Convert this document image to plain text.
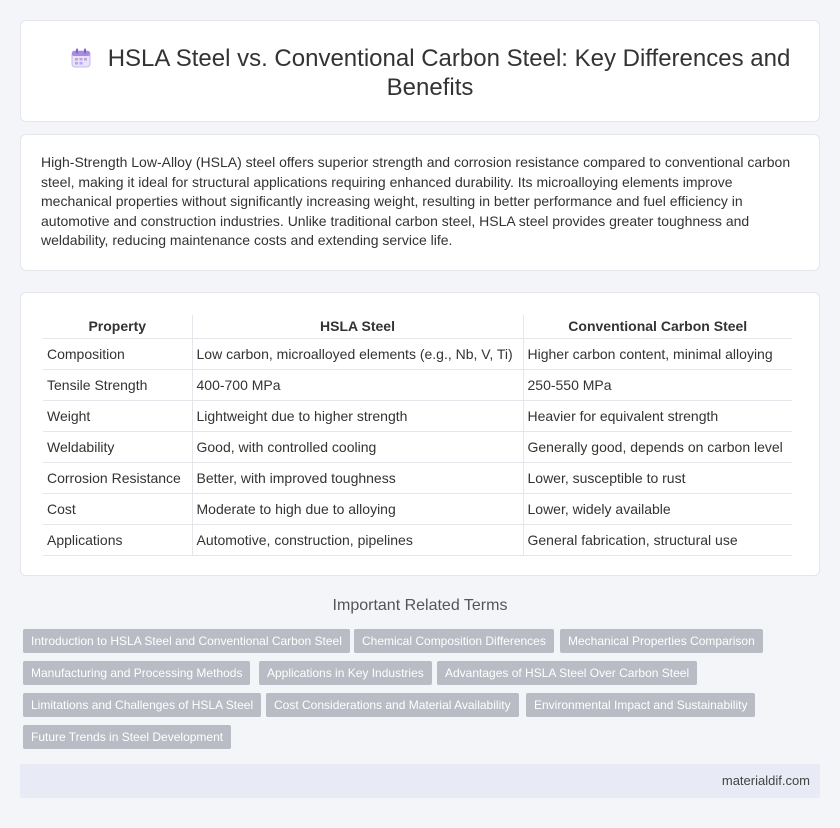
HSLA Steel vs. Conventional Carbon Steel: Key Differences and Benefits

High-Strength Low-Alloy (HSLA) steel offers superior strength and corrosion resistance compared to conventional carbon steel, making it ideal for structural applications requiring enhanced durability. Its microalloying elements improve mechanical properties without significantly increasing weight, resulting in better performance and fuel efficiency in automotive and construction industries. Unlike traditional carbon steel, HSLA steel provides greater toughness and weldability, reducing maintenance costs and extending service life.

Property	HSLA Steel	Conventional Carbon Steel
Composition	Low carbon, microalloyed elements (e.g., Nb, V, Ti)	Higher carbon content, minimal alloying
Tensile Strength	400-700 MPa	250-550 MPa
Weight	Lightweight due to higher strength	Heavier for equivalent strength
Weldability	Good, with controlled cooling	Generally good, depends on carbon level
Corrosion Resistance	Better, with improved toughness	Lower, susceptible to rust
Cost	Moderate to high due to alloying	Lower, widely available
Applications	Automotive, construction, pipelines	General fabrication, structural use
Important Related Terms
Introduction to HSLA Steel and Conventional Carbon Steel	Chemical Composition Differences	Mechanical Properties Comparison
Manufacturing and Processing Methods	Applications in Key Industries	Advantages of HSLA Steel Over Carbon Steel
Limitations and Challenges of HSLA Steel	Cost Considerations and Material Availability	Environmental Impact and Sustainability
Future Trends in Steel Development
materialdif.com
